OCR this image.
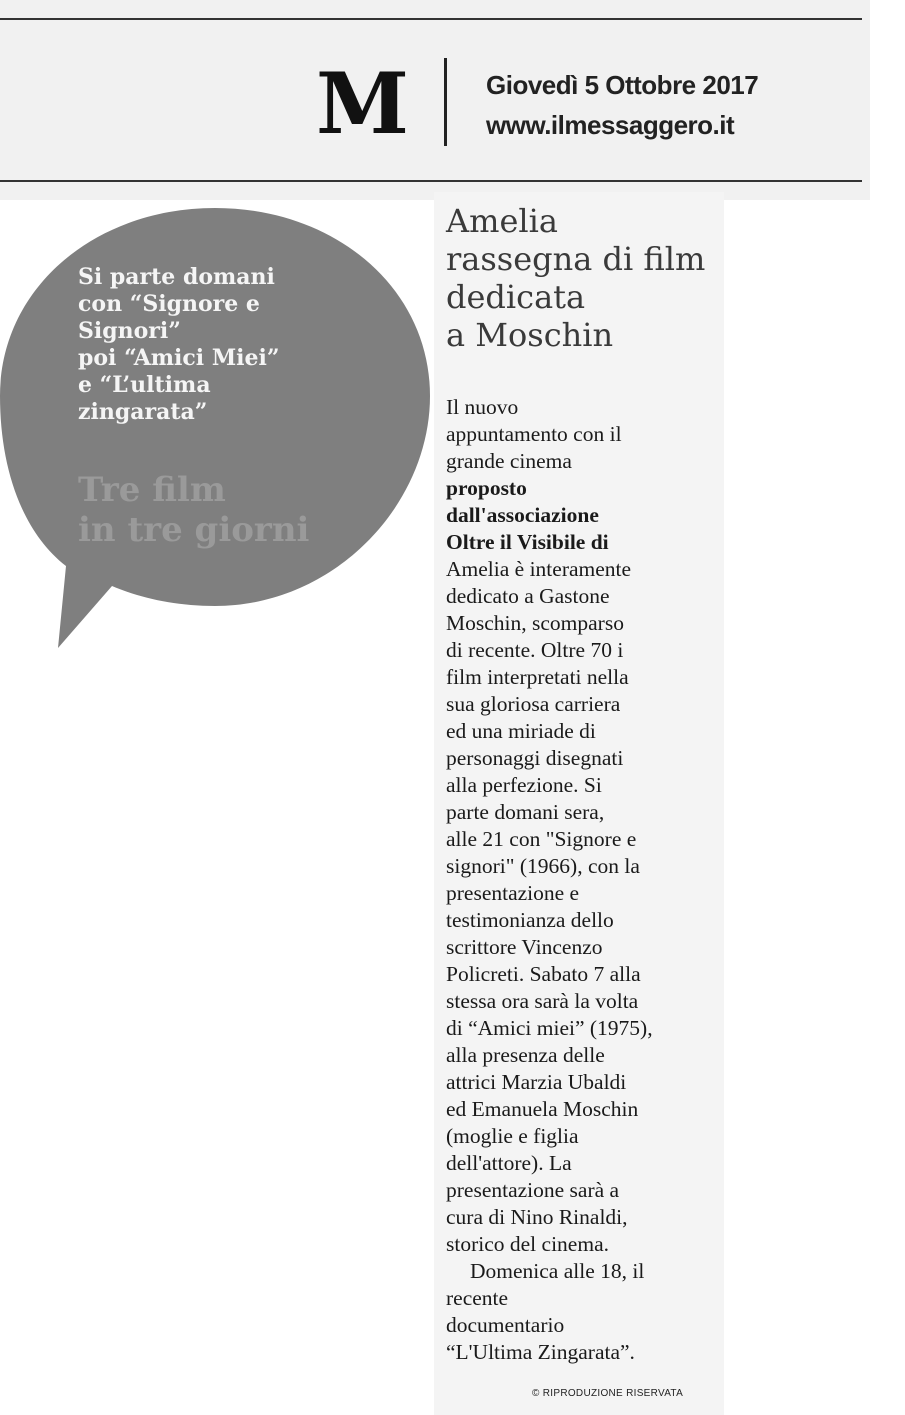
M	Giovedì 5 Ottobre 2017
www.ilmessaggero.it
Si parte domani
con “Signore e
Signori”
poi “Amici Miei”
e “L’ultima
zingarata”
Tre film
in tre giorni
Amelia
rassegna di film
dedicata
a Moschin
Il nuovo
appuntamento con il
grande cinema
proposto
dall'associazione
Oltre il Visibile di
Amelia è interamente
dedicato a Gastone
Moschin, scomparso
di recente. Oltre 70 i
film interpretati nella
sua gloriosa carriera
ed una miriade di
personaggi disegnati
alla perfezione. Si
parte domani sera,
alle 21 con "Signore e
signori" (1966), con la
presentazione e
testimonianza dello
scrittore Vincenzo
Policreti. Sabato 7 alla
stessa ora sarà la volta
di “Amici miei” (1975),
alla presenza delle
attrici Marzia Ubaldi
ed Emanuela Moschin
(moglie e figlia
dell'attore). La
presentazione sarà a
cura di Nino Rinaldi,
storico del cinema.
Domenica alle 18, il
recente
documentario
“L'Ultima Zingarata”.
© RIPRODUZIONE RISERVATA
